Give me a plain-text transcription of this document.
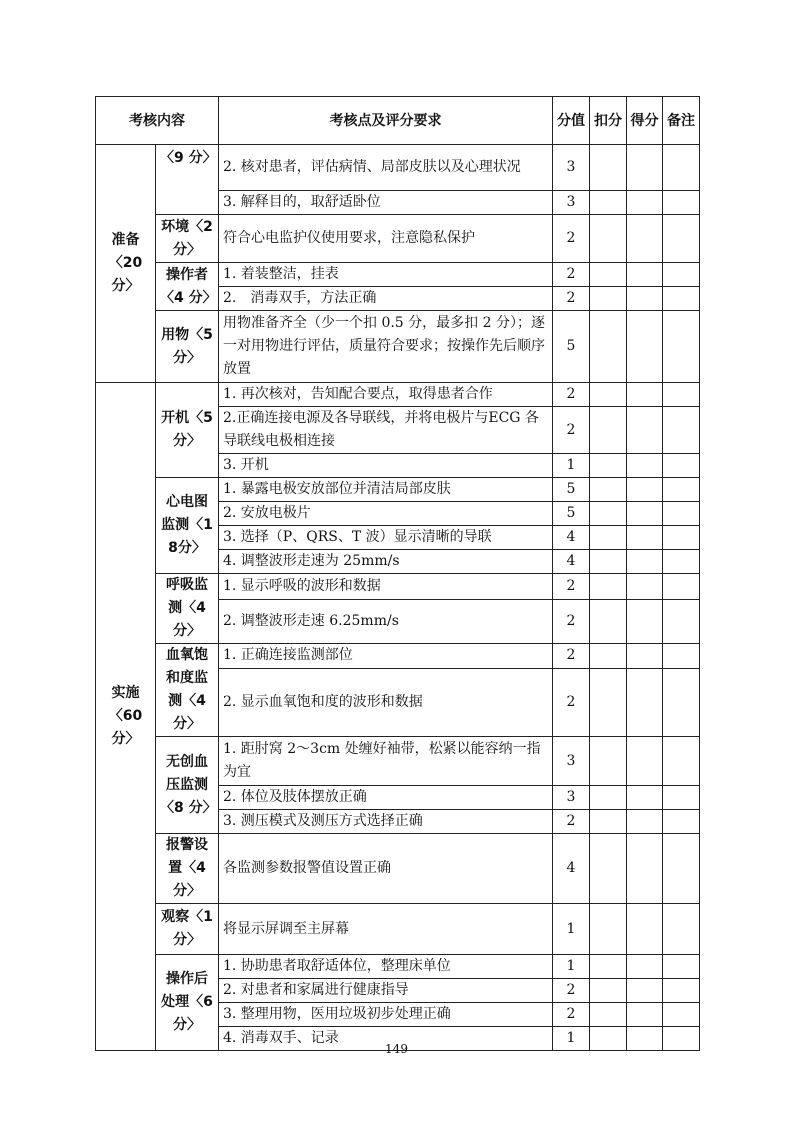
考核内容		考核点及评分要求	分值	扣分	得分	备注
准备〈20分〉	〈9 分〉	2. 核对患者，评估病情、局部皮肤以及心理状况	3			
		3. 解释目的，取舒适卧位	3			
	环境〈2 分〉	符合心电监护仪使用要求，注意隐私保护	2			
	操作者〈4 分〉	1. 着装整洁，挂表	2			
		2.　消毒双手，方法正确	2			
	用物〈5 分〉	用物准备齐全（少一个扣 0.5 分，最多扣 2 分）；逐一对用物进行评估，质量符合要求；按操作先后顺序放置	5			
实施〈60分〉	开机〈5 分〉	1. 再次核对，告知配合要点，取得患者合作	2			
		2.正确连接电源及各导联线，并将电极片与ECG 各导联线电极相连接	2			
		3. 开机	1			
	心电图监测〈18分〉	1. 暴露电极安放部位并清洁局部皮肤	5			
		2. 安放电极片	5			
		3. 选择（P、QRS、T 波）显示清晰的导联	4			
		4. 调整波形走速为 25mm/s	4			
	呼吸监测〈4 分〉	1. 显示呼吸的波形和数据	2			
		2. 调整波形走速 6.25mm/s	2			
	血氧饱和度监测〈4 分〉	1. 正确连接监测部位	2			
		2. 显示血氧饱和度的波形和数据	2			
	无创血压监测〈8 分〉	1. 距肘窝 2～3cm 处缠好袖带，松紧以能容纳一指为宜	3			
		2. 体位及肢体摆放正确	3			
		3. 测压模式及测压方式选择正确	2			
	报警设置〈4分〉	各监测参数报警值设置正确	4			
	观察〈1 分〉	将显示屏调至主屏幕	1			
	操作后处理〈6 分〉	1. 协助患者取舒适体位，整理床单位	1			
		2. 对患者和家属进行健康指导	2			
		3. 整理用物，医用垃圾初步处理正确	2			
		4. 消毒双手、记录	1			
149
